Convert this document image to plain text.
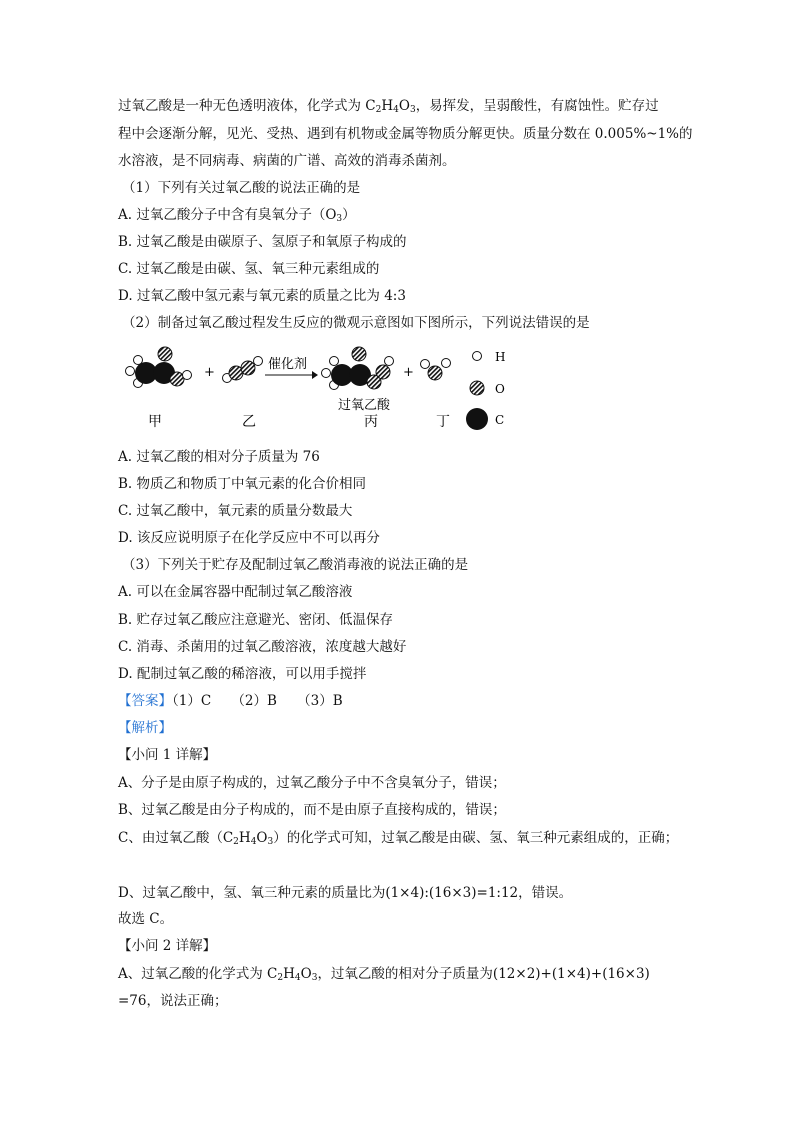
过氧乙酸是一种无色透明液体，化学式为 $C_2H_4O_3$，易挥发，呈弱酸性，有腐蚀性。贮存过
程中会逐渐分解，见光、受热、遇到有机物或金属等物质分解更快。质量分数在 0.005%~1%的
水溶液，是不同病毒、病菌的广谱、高效的消毒杀菌剂。
（1）下列有关过氧乙酸的说法正确的是
A. 过氧乙酸分子中含有臭氧分子$(O_3)$
B. 过氧乙酸是由碳原子、氢原子和氧原子构成的
C. 过氧乙酸是由碳、氢、氧三种元素组成的
D. 过氧乙酸中氢元素与氧元素的质量之比为 4:3
（2）制备过氧乙酸过程发生反应的微观示意图如下图所示，下列说法错误的是
+
催化剂
过氧乙酸
+
H
O
C
甲	乙	丙	丁
A. 过氧乙酸的相对分子质量为 76
B. 物质乙和物质丁中氧元素的化合价相同
C. 过氧乙酸中，氧元素的质量分数最大
D. 该反应说明原子在化学反应中不可以再分
（3）下列关于贮存及配制过氧乙酸消毒液的说法正确的是
A. 可以在金属容器中配制过氧乙酸溶液
B. 贮存过氧乙酸应注意避光、密闭、低温保存
C. 消毒、杀菌用的过氧乙酸溶液，浓度越大越好
D. 配制过氧乙酸的稀溶液，可以用手搅拌
【答案】（1）C　　（2）B　　（3）B
【解析】
【小问 1 详解】
A、分子是由原子构成的，过氧乙酸分子中不含臭氧分子，错误；
B、过氧乙酸是由分子构成的，而不是由原子直接构成的，错误；
C、由过氧乙酸$(C_2H_4O_3)$的化学式可知，过氧乙酸是由碳、氢、氧三种元素组成的，正确；
D、过氧乙酸中，氢、氧三种元素的质量比为(1×4):(16×3)=1:12，错误。
故选 C。
【小问 2 详解】
A、过氧乙酸的化学式为 $C_2H_4O_3$，过氧乙酸的相对分子质量为(12×2)+(1×4)+(16×3)
=76，说法正确；
